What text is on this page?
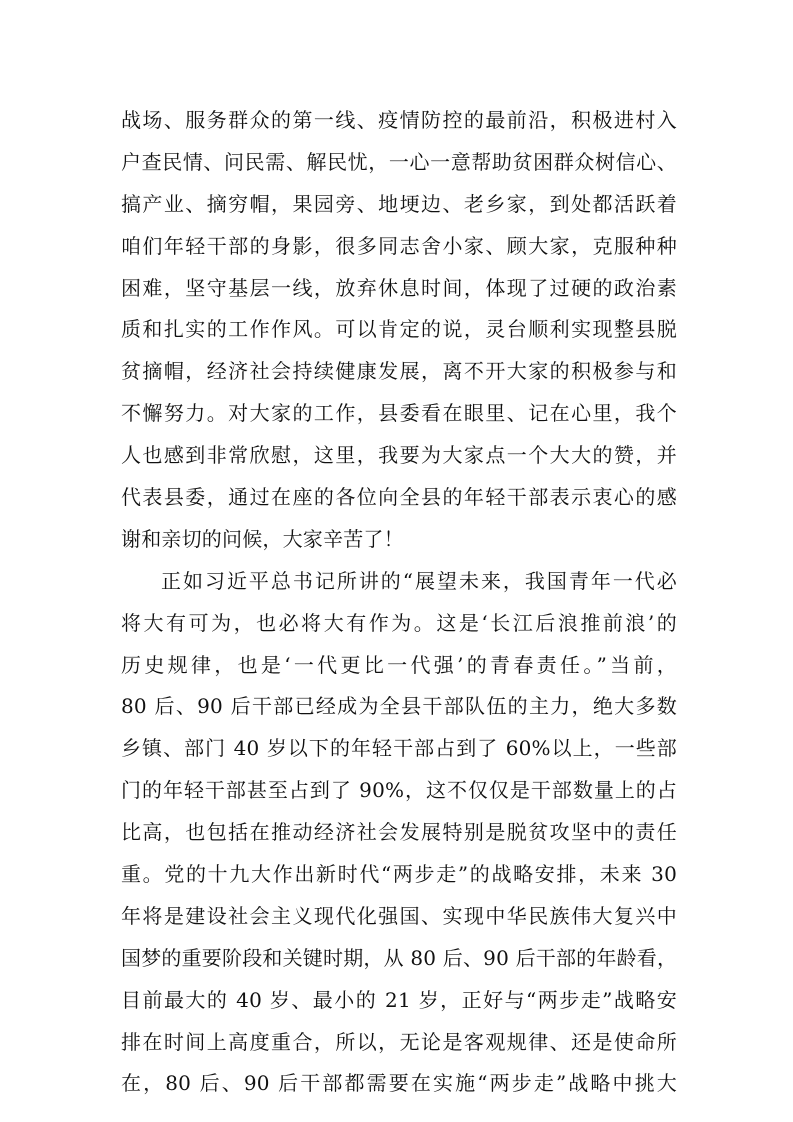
战场、服务群众的第一线、疫情防控的最前沿，积极进村入
户查民情、问民需、解民忧，一心一意帮助贫困群众树信心、
搞产业、摘穷帽，果园旁、地埂边、老乡家，到处都活跃着
咱们年轻干部的身影，很多同志舍小家、顾大家，克服种种
困难，坚守基层一线，放弃休息时间，体现了过硬的政治素
质和扎实的工作作风。可以肯定的说，灵台顺利实现整县脱
贫摘帽，经济社会持续健康发展，离不开大家的积极参与和
不懈努力。对大家的工作，县委看在眼里、记在心里，我个
人也感到非常欣慰，这里，我要为大家点一个大大的赞，并
代表县委，通过在座的各位向全县的年轻干部表示衷心的感
谢和亲切的问候，大家辛苦了！
正如习近平总书记所讲的“展望未来，我国青年一代必
将大有可为，也必将大有作为。这是‘长江后浪推前浪’的
历史规律，也是‘一代更比一代强’的青春责任。”当前，
80 后、90 后干部已经成为全县干部队伍的主力，绝大多数
乡镇、部门 40 岁以下的年轻干部占到了 60%以上，一些部
门的年轻干部甚至占到了 90%，这不仅仅是干部数量上的占
比高，也包括在推动经济社会发展特别是脱贫攻坚中的责任
重。党的十九大作出新时代“两步走”的战略安排，未来 30
年将是建设社会主义现代化强国、实现中华民族伟大复兴中
国梦的重要阶段和关键时期，从 80 后、90 后干部的年龄看，
目前最大的 40 岁、最小的 21 岁，正好与“两步走”战略安
排在时间上高度重合，所以，无论是客观规律、还是使命所
在，80 后、90 后干部都需要在实施“两步走”战略中挑大
